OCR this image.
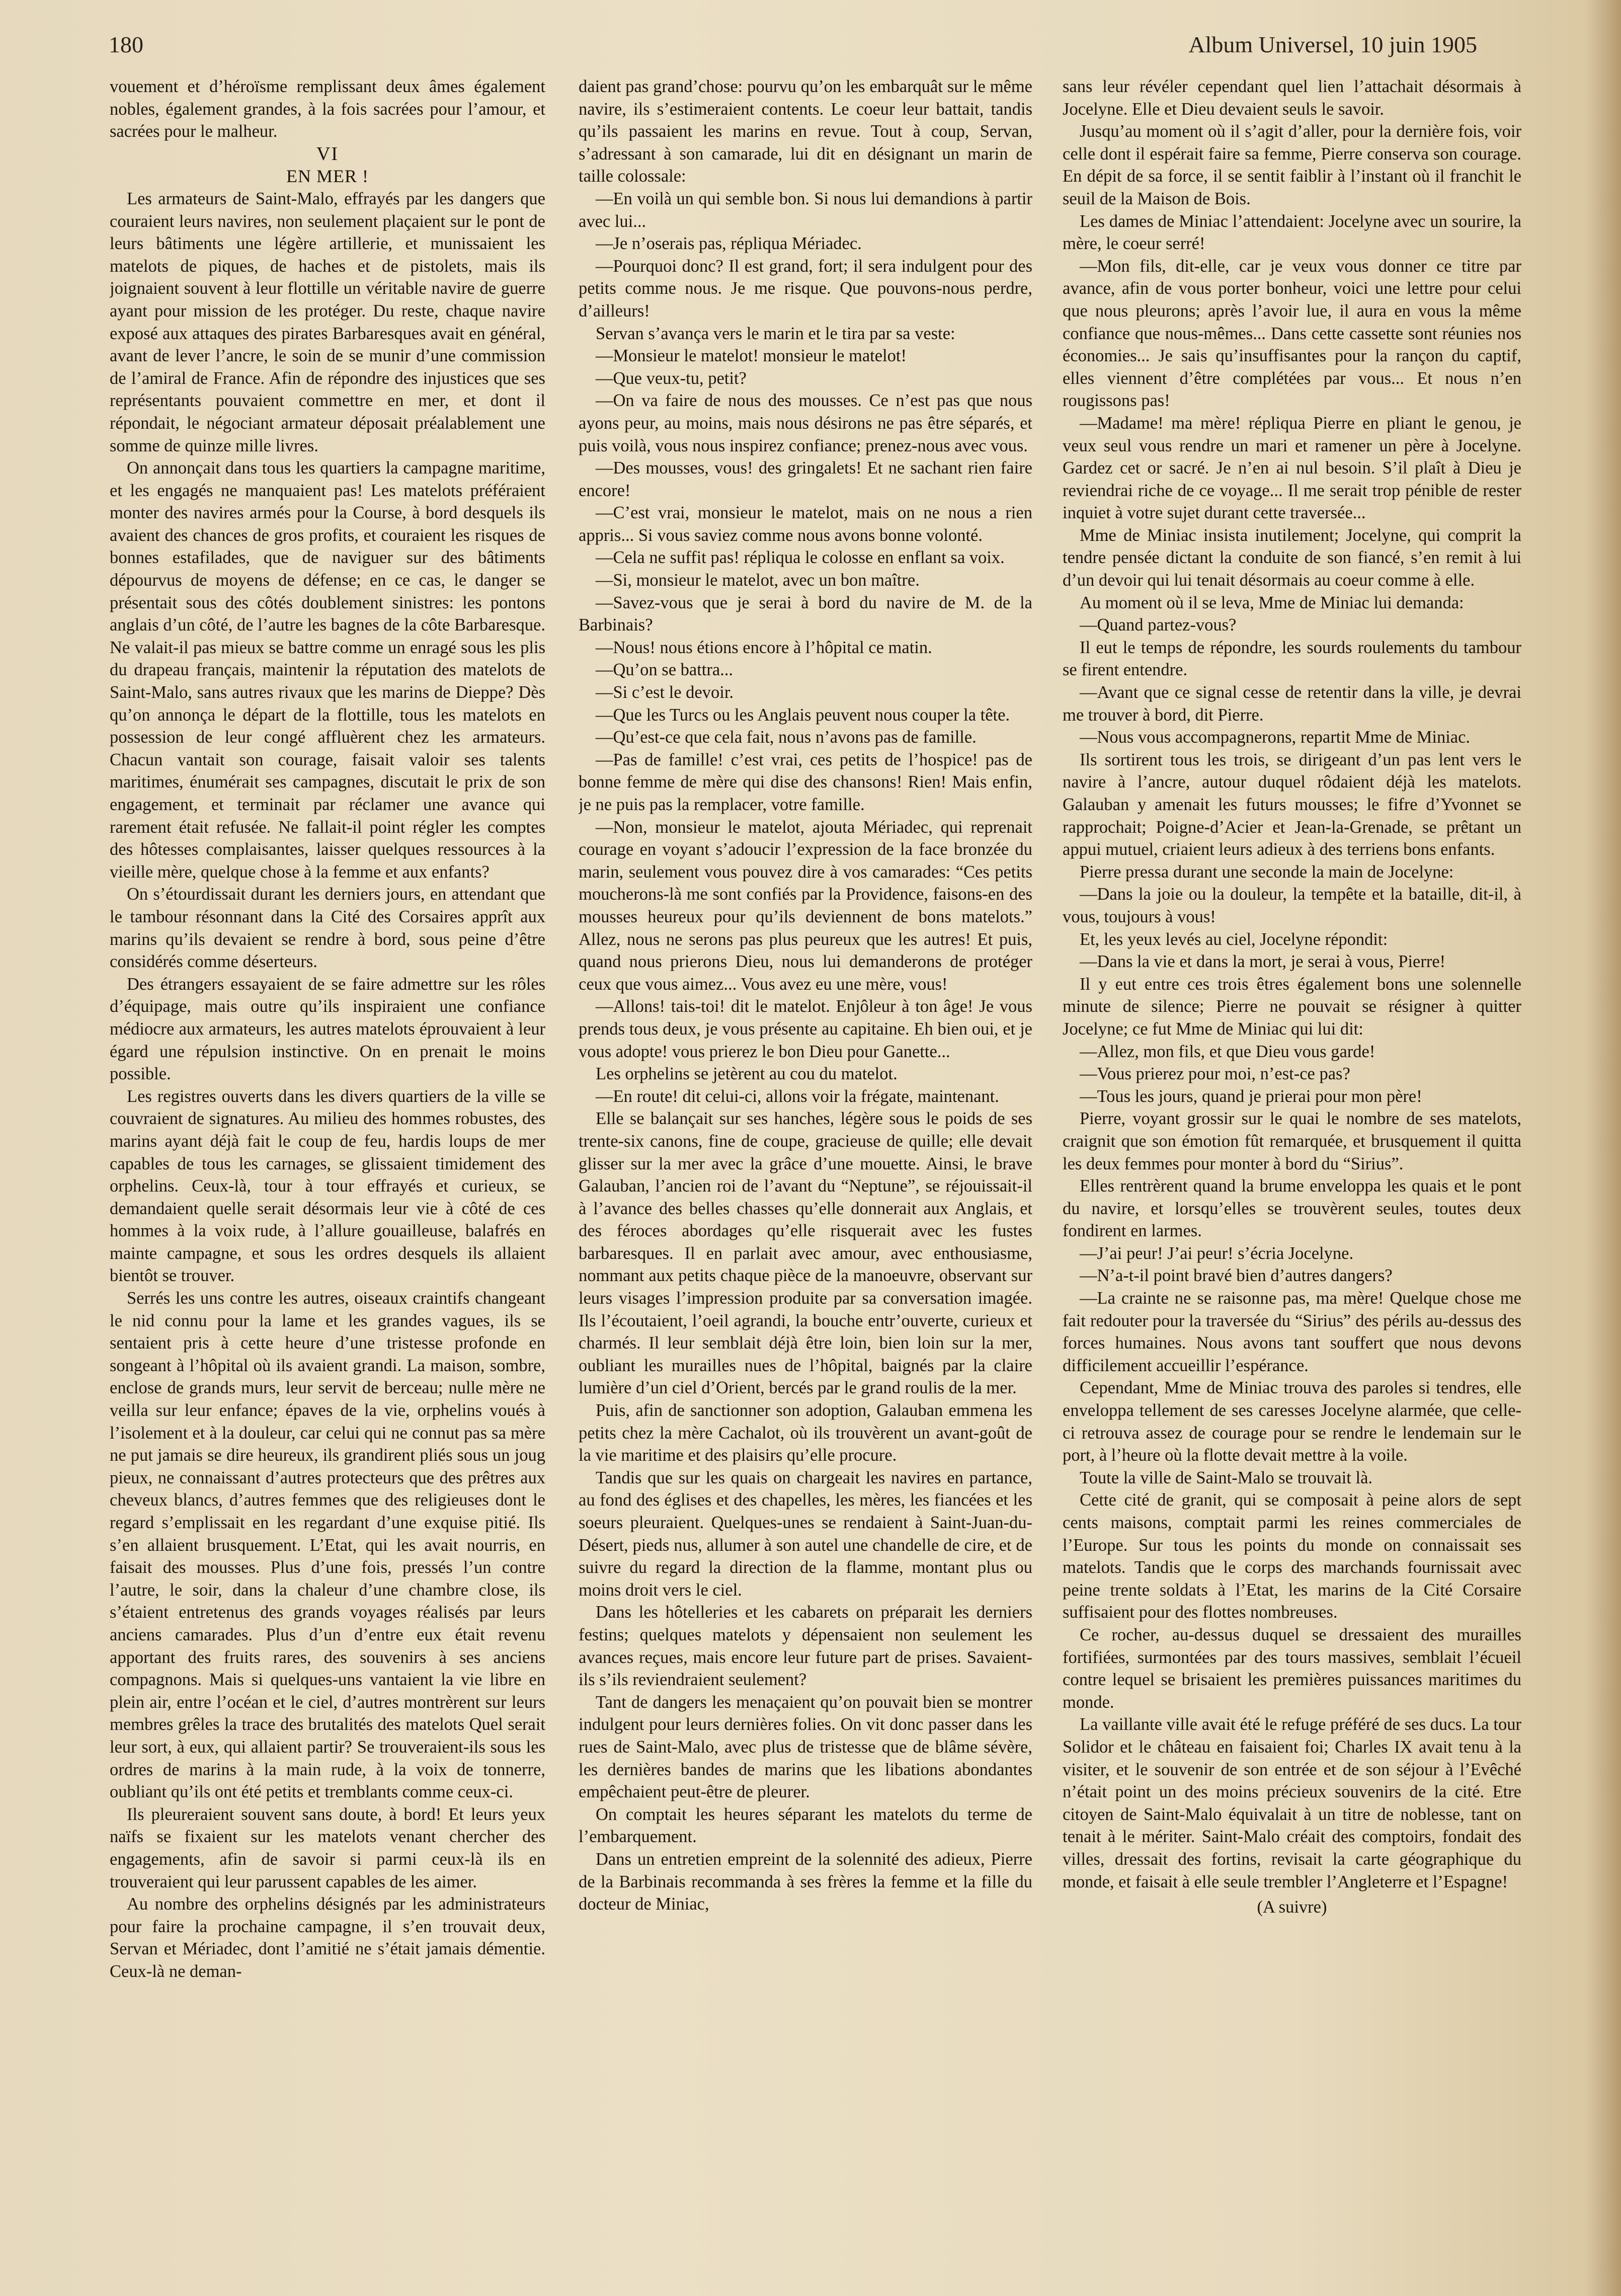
180	Album Universel, 10 juin 1905

vouement et d’héroïsme remplissant deux âmes également nobles, également grandes, à la fois sacrées pour l’amour, et sacrées pour le malheur.

VI

EN MER !

Les armateurs de Saint-Malo, effrayés par les dangers que couraient leurs navires, non seulement plaçaient sur le pont de leurs bâtiments une légère artillerie, et munissaient les matelots de piques, de haches et de pistolets, mais ils joignaient souvent à leur flottille un véritable navire de guerre ayant pour mission de les protéger. Du reste, chaque navire exposé aux attaques des pirates Barbaresques avait en général, avant de lever l’ancre, le soin de se munir d’une commission de l’amiral de France. Afin de répondre des injustices que ses représentants pouvaient commettre en mer, et dont il répondait, le négociant armateur déposait préalablement une somme de quinze mille livres.

On annonçait dans tous les quartiers la campagne maritime, et les engagés ne manquaient pas! Les matelots préféraient monter des navires armés pour la Course, à bord desquels ils avaient des chances de gros profits, et couraient les risques de bonnes estafilades, que de naviguer sur des bâtiments dépourvus de moyens de défense; en ce cas, le danger se présentait sous des côtés doublement sinistres: les pontons anglais d’un côté, de l’autre les bagnes de la côte Barbaresque. Ne valait-il pas mieux se battre comme un enragé sous les plis du drapeau français, maintenir la réputation des matelots de Saint-Malo, sans autres rivaux que les marins de Dieppe? Dès qu’on annonça le départ de la flottille, tous les matelots en possession de leur congé affluèrent chez les armateurs. Chacun vantait son courage, faisait valoir ses talents maritimes, énumérait ses campagnes, discutait le prix de son engagement, et terminait par réclamer une avance qui rarement était refusée. Ne fallait-il point régler les comptes des hôtesses complaisantes, laisser quelques ressources à la vieille mère, quelque chose à la femme et aux enfants?

On s’étourdissait durant les derniers jours, en attendant que le tambour résonnant dans la Cité des Corsaires apprît aux marins qu’ils devaient se rendre à bord, sous peine d’être considérés comme déserteurs.

Des étrangers essayaient de se faire admettre sur les rôles d’équipage, mais outre qu’ils inspiraient une confiance médiocre aux armateurs, les autres matelots éprouvaient à leur égard une répulsion instinctive. On en prenait le moins possible.

Les registres ouverts dans les divers quartiers de la ville se couvraient de signatures. Au milieu des hommes robustes, des marins ayant déjà fait le coup de feu, hardis loups de mer capables de tous les carnages, se glissaient timidement des orphelins. Ceux-là, tour à tour effrayés et curieux, se demandaient quelle serait désormais leur vie à côté de ces hommes à la voix rude, à l’allure gouailleuse, balafrés en mainte campagne, et sous les ordres desquels ils allaient bientôt se trouver.

Serrés les uns contre les autres, oiseaux craintifs changeant le nid connu pour la lame et les grandes vagues, ils se sentaient pris à cette heure d’une tristesse profonde en songeant à l’hôpital où ils avaient grandi. La maison, sombre, enclose de grands murs, leur servit de berceau; nulle mère ne veilla sur leur enfance; épaves de la vie, orphelins voués à l’isolement et à la douleur, car celui qui ne connut pas sa mère ne put jamais se dire heureux, ils grandirent pliés sous un joug pieux, ne connaissant d’autres protecteurs que des prêtres aux cheveux blancs, d’autres femmes que des religieuses dont le regard s’emplissait en les regardant d’une exquise pitié. Ils s’en allaient brusquement. L’Etat, qui les avait nourris, en faisait des mousses. Plus d’une fois, pressés l’un contre l’autre, le soir, dans la chaleur d’une chambre close, ils s’étaient entretenus des grands voyages réalisés par leurs anciens camarades. Plus d’un d’entre eux était revenu apportant des fruits rares, des souvenirs à ses anciens compagnons. Mais si quelques-uns vantaient la vie libre en plein air, entre l’océan et le ciel, d’autres montrèrent sur leurs membres grêles la trace des brutalités des matelots Quel serait leur sort, à eux, qui allaient partir? Se trouveraient-ils sous les ordres de marins à la main rude, à la voix de tonnerre, oubliant qu’ils ont été petits et tremblants comme ceux-ci.

Ils pleureraient souvent sans doute, à bord! Et leurs yeux naïfs se fixaient sur les matelots venant chercher des engagements, afin de savoir si parmi ceux-là ils en trouveraient qui leur parussent capables de les aimer.

Au nombre des orphelins désignés par les administrateurs pour faire la prochaine campagne, il s’en trouvait deux, Servan et Mériadec, dont l’amitié ne s’était jamais démentie. Ceux-là ne deman-

daient pas grand’chose: pourvu qu’on les embarquât sur le même navire, ils s’estimeraient contents. Le coeur leur battait, tandis qu’ils passaient les marins en revue. Tout à coup, Servan, s’adressant à son camarade, lui dit en désignant un marin de taille colossale:

—En voilà un qui semble bon. Si nous lui demandions à partir avec lui...

—Je n’oserais pas, répliqua Mériadec.

—Pourquoi donc? Il est grand, fort; il sera indulgent pour des petits comme nous. Je me risque. Que pouvons-nous perdre, d’ailleurs!

Servan s’avança vers le marin et le tira par sa veste:

—Monsieur le matelot! monsieur le matelot!

—Que veux-tu, petit?

—On va faire de nous des mousses. Ce n’est pas que nous ayons peur, au moins, mais nous désirons ne pas être séparés, et puis voilà, vous nous inspirez confiance; prenez-nous avec vous.

—Des mousses, vous! des gringalets! Et ne sachant rien faire encore!

—C’est vrai, monsieur le matelot, mais on ne nous a rien appris... Si vous saviez comme nous avons bonne volonté.

—Cela ne suffit pas! répliqua le colosse en enflant sa voix.

—Si, monsieur le matelot, avec un bon maître.

—Savez-vous que je serai à bord du navire de M. de la Barbinais?

—Nous! nous étions encore à l’hôpital ce matin.

—Qu’on se battra...

—Si c’est le devoir.

—Que les Turcs ou les Anglais peuvent nous couper la tête.

—Qu’est-ce que cela fait, nous n’avons pas de famille.

—Pas de famille! c’est vrai, ces petits de l’hospice! pas de bonne femme de mère qui dise des chansons! Rien! Mais enfin, je ne puis pas la remplacer, votre famille.

—Non, monsieur le matelot, ajouta Mériadec, qui reprenait courage en voyant s’adoucir l’expression de la face bronzée du marin, seulement vous pouvez dire à vos camarades: “Ces petits moucherons-là me sont confiés par la Providence, faisons-en des mousses heureux pour qu’ils deviennent de bons matelots.” Allez, nous ne serons pas plus peureux que les autres! Et puis, quand nous prierons Dieu, nous lui demanderons de protéger ceux que vous aimez... Vous avez eu une mère, vous!

—Allons! tais-toi! dit le matelot. Enjôleur à ton âge! Je vous prends tous deux, je vous présente au capitaine. Eh bien oui, et je vous adopte! vous prierez le bon Dieu pour Ganette...

Les orphelins se jetèrent au cou du matelot.

—En route! dit celui-ci, allons voir la frégate, maintenant.

Elle se balançait sur ses hanches, légère sous le poids de ses trente-six canons, fine de coupe, gracieuse de quille; elle devait glisser sur la mer avec la grâce d’une mouette. Ainsi, le brave Galauban, l’ancien roi de l’avant du “Neptune”, se réjouissait-il à l’avance des belles chasses qu’elle donnerait aux Anglais, et des féroces abordages qu’elle risquerait avec les fustes barbaresques. Il en parlait avec amour, avec enthousiasme, nommant aux petits chaque pièce de la manoeuvre, observant sur leurs visages l’impression produite par sa conversation imagée. Ils l’écoutaient, l’oeil agrandi, la bouche entr’ouverte, curieux et charmés. Il leur semblait déjà être loin, bien loin sur la mer, oubliant les murailles nues de l’hôpital, baignés par la claire lumière d’un ciel d’Orient, bercés par le grand roulis de la mer.

Puis, afin de sanctionner son adoption, Galauban emmena les petits chez la mère Cachalot, où ils trouvèrent un avant-goût de la vie maritime et des plaisirs qu’elle procure.

Tandis que sur les quais on chargeait les navires en partance, au fond des églises et des chapelles, les mères, les fiancées et les soeurs pleuraient. Quelques-unes se rendaient à Saint-Juan-du-Désert, pieds nus, allumer à son autel une chandelle de cire, et de suivre du regard la direction de la flamme, montant plus ou moins droit vers le ciel.

Dans les hôtelleries et les cabarets on préparait les derniers festins; quelques matelots y dépensaient non seulement les avances reçues, mais encore leur future part de prises. Savaient-ils s’ils reviendraient seulement?

Tant de dangers les menaçaient qu’on pouvait bien se montrer indulgent pour leurs dernières folies. On vit donc passer dans les rues de Saint-Malo, avec plus de tristesse que de blâme sévère, les dernières bandes de marins que les libations abondantes empêchaient peut-être de pleurer.

On comptait les heures séparant les matelots du terme de l’embarquement.

Dans un entretien empreint de la solennité des adieux, Pierre de la Barbinais recommanda à ses frères la femme et la fille du docteur de Miniac,

sans leur révéler cependant quel lien l’attachait désormais à Jocelyne. Elle et Dieu devaient seuls le savoir.

Jusqu’au moment où il s’agit d’aller, pour la dernière fois, voir celle dont il espérait faire sa femme, Pierre conserva son courage. En dépit de sa force, il se sentit faiblir à l’instant où il franchit le seuil de la Maison de Bois.

Les dames de Miniac l’attendaient: Jocelyne avec un sourire, la mère, le coeur serré!

—Mon fils, dit-elle, car je veux vous donner ce titre par avance, afin de vous porter bonheur, voici une lettre pour celui que nous pleurons; après l’avoir lue, il aura en vous la même confiance que nous-mêmes... Dans cette cassette sont réunies nos économies... Je sais qu’insuffisantes pour la rançon du captif, elles viennent d’être complétées par vous... Et nous n’en rougissons pas!

—Madame! ma mère! répliqua Pierre en pliant le genou, je veux seul vous rendre un mari et ramener un père à Jocelyne. Gardez cet or sacré. Je n’en ai nul besoin. S’il plaît à Dieu je reviendrai riche de ce voyage... Il me serait trop pénible de rester inquiet à votre sujet durant cette traversée...

Mme de Miniac insista inutilement; Jocelyne, qui comprit la tendre pensée dictant la conduite de son fiancé, s’en remit à lui d’un devoir qui lui tenait désormais au coeur comme à elle.

Au moment où il se leva, Mme de Miniac lui demanda:

—Quand partez-vous?

Il eut le temps de répondre, les sourds roulements du tambour se firent entendre.

—Avant que ce signal cesse de retentir dans la ville, je devrai me trouver à bord, dit Pierre.

—Nous vous accompagnerons, repartit Mme de Miniac.

Ils sortirent tous les trois, se dirigeant d’un pas lent vers le navire à l’ancre, autour duquel rôdaient déjà les matelots. Galauban y amenait les futurs mousses; le fifre d’Yvonnet se rapprochait; Poigne-d’Acier et Jean-la-Grenade, se prêtant un appui mutuel, criaient leurs adieux à des terriens bons enfants.

Pierre pressa durant une seconde la main de Jocelyne:

—Dans la joie ou la douleur, la tempête et la bataille, dit-il, à vous, toujours à vous!

Et, les yeux levés au ciel, Jocelyne répondit:

—Dans la vie et dans la mort, je serai à vous, Pierre!

Il y eut entre ces trois êtres également bons une solennelle minute de silence; Pierre ne pouvait se résigner à quitter Jocelyne; ce fut Mme de Miniac qui lui dit:

—Allez, mon fils, et que Dieu vous garde!

—Vous prierez pour moi, n’est-ce pas?

—Tous les jours, quand je prierai pour mon père!

Pierre, voyant grossir sur le quai le nombre de ses matelots, craignit que son émotion fût remarquée, et brusquement il quitta les deux femmes pour monter à bord du “Sirius”.

Elles rentrèrent quand la brume enveloppa les quais et le pont du navire, et lorsqu’elles se trouvèrent seules, toutes deux fondirent en larmes.

—J’ai peur! J’ai peur! s’écria Jocelyne.

—N’a-t-il point bravé bien d’autres dangers?

—La crainte ne se raisonne pas, ma mère! Quelque chose me fait redouter pour la traversée du “Sirius” des périls au-dessus des forces humaines. Nous avons tant souffert que nous devons difficilement accueillir l’espérance.

Cependant, Mme de Miniac trouva des paroles si tendres, elle enveloppa tellement de ses caresses Jocelyne alarmée, que celle-ci retrouva assez de courage pour se rendre le lendemain sur le port, à l’heure où la flotte devait mettre à la voile.

Toute la ville de Saint-Malo se trouvait là.

Cette cité de granit, qui se composait à peine alors de sept cents maisons, comptait parmi les reines commerciales de l’Europe. Sur tous les points du monde on connaissait ses matelots. Tandis que le corps des marchands fournissait avec peine trente soldats à l’Etat, les marins de la Cité Corsaire suffisaient pour des flottes nombreuses.

Ce rocher, au-dessus duquel se dressaient des murailles fortifiées, surmontées par des tours massives, semblait l’écueil contre lequel se brisaient les premières puissances maritimes du monde.

La vaillante ville avait été le refuge préféré de ses ducs. La tour Solidor et le château en faisaient foi; Charles IX avait tenu à la visiter, et le souvenir de son entrée et de son séjour à l’Evêché n’était point un des moins précieux souvenirs de la cité. Etre citoyen de Saint-Malo équivalait à un titre de noblesse, tant on tenait à le mériter. Saint-Malo créait des comptoirs, fondait des villes, dressait des fortins, revisait la carte géographique du monde, et faisait à elle seule trembler l’Angleterre et l’Espagne!

(A suivre)
